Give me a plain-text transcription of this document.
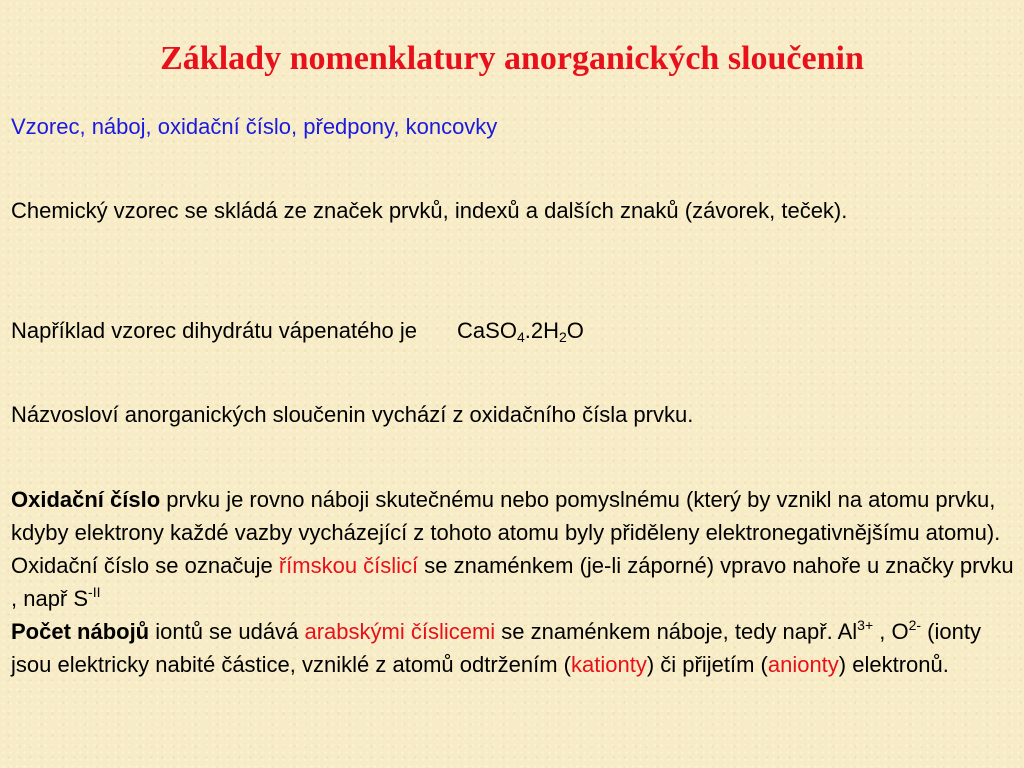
Základy nomenklatury anorganických sloučenin
Vzorec, náboj, oxidační číslo, předpony, koncovky
Chemický vzorec se skládá ze značek prvků, indexů a dalších znaků (závorek, teček).
Například vzorec dihydrátu vápenatého je $CaSO_4.2H_2O$
Názvosloví anorganických sloučenin vychází z oxidačního čísla prvku.
Oxidační číslo prvku je rovno náboji skutečnému nebo pomyslnému (který by vznikl na atomu prvku, kdyby elektrony každé vazby vycházející z tohoto atomu byly přiděleny elektronegativnějšímu atomu).
Oxidační číslo se označuje římskou číslicí se znaménkem (je-li záporné) vpravo nahoře u značky prvku , např $S^{-II}$
Počet nábojů iontů se udává arabskými číslicemi se znaménkem náboje, tedy např. $Al^{3+}$ , $O^{2-}$ (ionty jsou elektricky nabité částice, vzniklé z atomů odtržením (kationty) či přijetím (anionty) elektronů.
